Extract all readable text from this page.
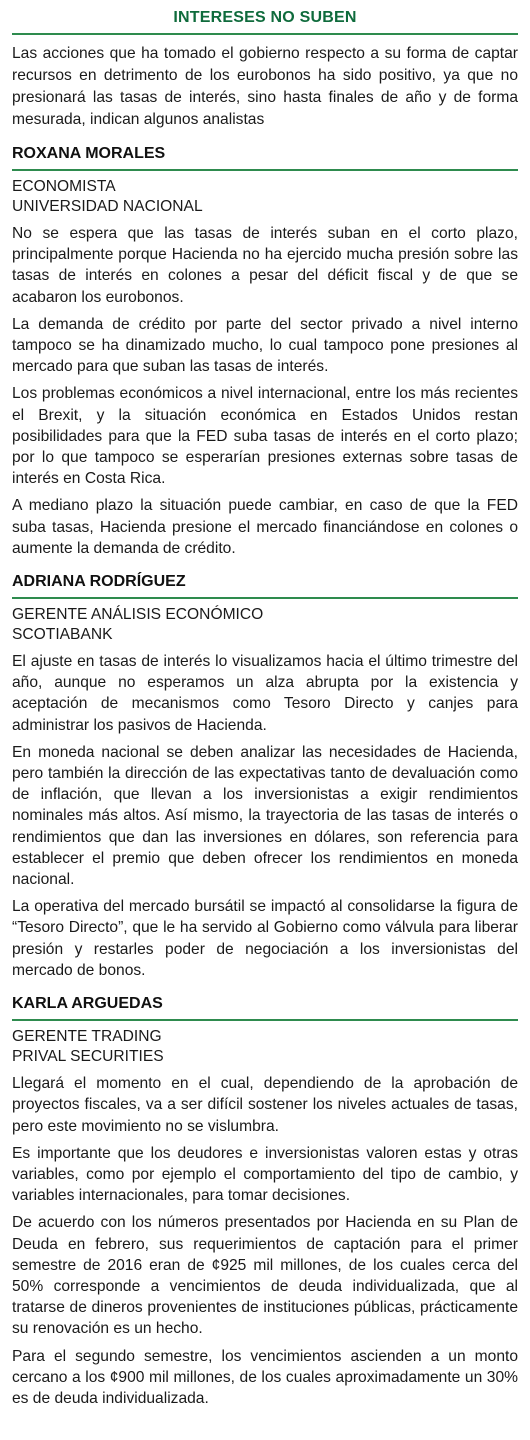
INTERESES NO SUBEN

Las acciones que ha tomado el gobierno respecto a su forma de captar recursos en detrimento de los eurobonos ha sido positivo, ya que no presionará las tasas de interés, sino hasta finales de año y de forma mesurada, indican algunos analistas

ROXANA MORALES
ECONOMISTA
UNIVERSIDAD NACIONAL

No se espera que las tasas de interés suban en el corto plazo, principalmente porque Hacienda no ha ejercido mucha presión sobre las tasas de interés en colones a pesar del déficit fiscal y de que se acabaron los eurobonos.

La demanda de crédito por parte del sector privado a nivel interno tampoco se ha dinamizado mucho, lo cual tampoco pone presiones al mercado para que suban las tasas de interés.

Los problemas económicos a nivel internacional, entre los más recientes el Brexit, y la situación económica en Estados Unidos restan posibilidades para que la FED suba tasas de interés en el corto plazo; por lo que tampoco se esperarían presiones externas sobre tasas de interés en Costa Rica.

A mediano plazo la situación puede cambiar, en caso de que la FED suba tasas, Hacienda presione el mercado financiándose en colones o aumente la demanda de crédito.

ADRIANA RODRÍGUEZ
GERENTE ANÁLISIS ECONÓMICO
SCOTIABANK

El ajuste en tasas de interés lo visualizamos hacia el último trimestre del año, aunque no esperamos un alza abrupta por la existencia y aceptación de mecanismos como Tesoro Directo y canjes para administrar los pasivos de Hacienda.

En moneda nacional se deben analizar las necesidades de Hacienda, pero también la dirección de las expectativas tanto de devaluación como de inflación, que llevan a los inversionistas a exigir rendimientos nominales más altos. Así mismo, la trayectoria de las tasas de interés o rendimientos que dan las inversiones en dólares, son referencia para establecer el premio que deben ofrecer los rendimientos en moneda nacional.

La operativa del mercado bursátil se impactó al consolidarse la figura de “Tesoro Directo”, que le ha servido al Gobierno como válvula para liberar presión y restarles poder de negociación a los inversionistas del mercado de bonos.

KARLA ARGUEDAS
GERENTE TRADING
PRIVAL SECURITIES

Llegará el momento en el cual, dependiendo de la aprobación de proyectos fiscales, va a ser difícil sostener los niveles actuales de tasas, pero este movimiento no se vislumbra.

Es importante que los deudores e inversionistas valoren estas y otras variables, como por ejemplo el comportamiento del tipo de cambio, y variables internacionales, para tomar decisiones.

De acuerdo con los números presentados por Hacienda en su Plan de Deuda en febrero, sus requerimientos de captación para el primer semestre de 2016 eran de ¢925 mil millones, de los cuales cerca del 50% corresponde a vencimientos de deuda individualizada, que al tratarse de dineros provenientes de instituciones públicas, prácticamente su renovación es un hecho.

Para el segundo semestre, los vencimientos ascienden a un monto cercano a los ¢900 mil millones, de los cuales aproximadamente un 30% es de deuda individualizada.
